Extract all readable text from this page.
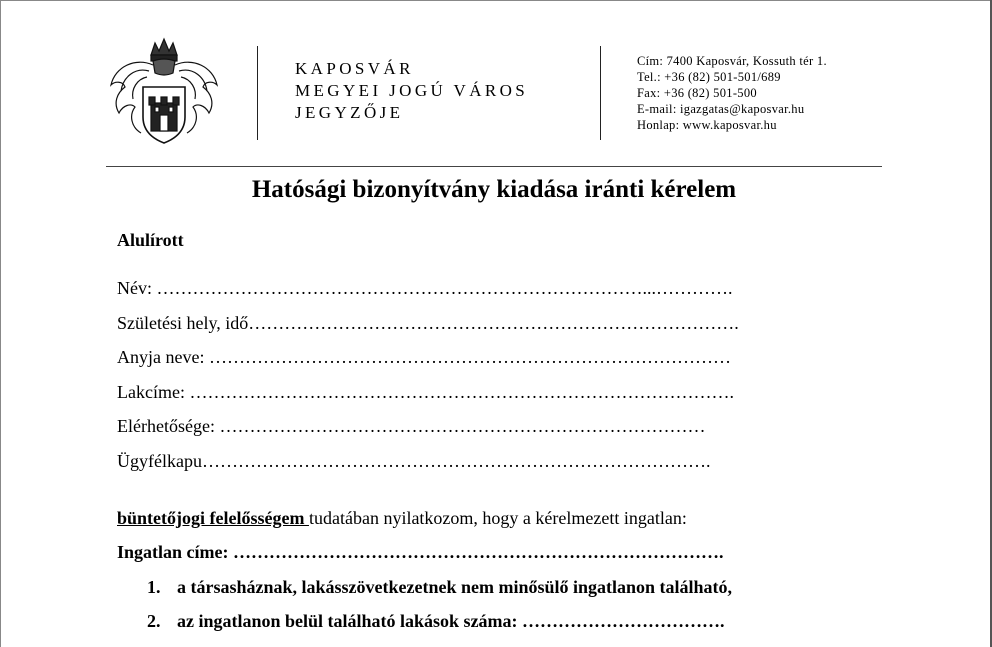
KAPOSVÁR
MEGYEI JOGÚ VÁROS
JEGYZŐJE
Cím: 7400 Kaposvár, Kossuth tér 1.
Tel.: +36 (82) 501-501/689
Fax: +36 (82) 501-500
E-mail: igazgatas@kaposvar.hu
Honlap: www.kaposvar.hu
Hatósági bizonyítvány kiadása iránti kérelem
Alulírott
Név: ………………………………………………………………………...………….
Születési hely, idő……………………………………………………………………….
Anyja neve: ……………………………………………………………………………
Lakcíme: ……………………………………………………………………………….
Elérhetősége: ………………………………………………………………………
Ügyfélkapu………………………………………………………………………….
büntetőjogi felelősségem tudatában nyilatkozom, hogy a kérelmezett ingatlan:
Ingatlan címe: ……………………………………………………………………….
1. a társasháznak, lakásszövetkezetnek nem minősülő ingatlanon található,
2. az ingatlanon belül található lakások száma: …………………………….
